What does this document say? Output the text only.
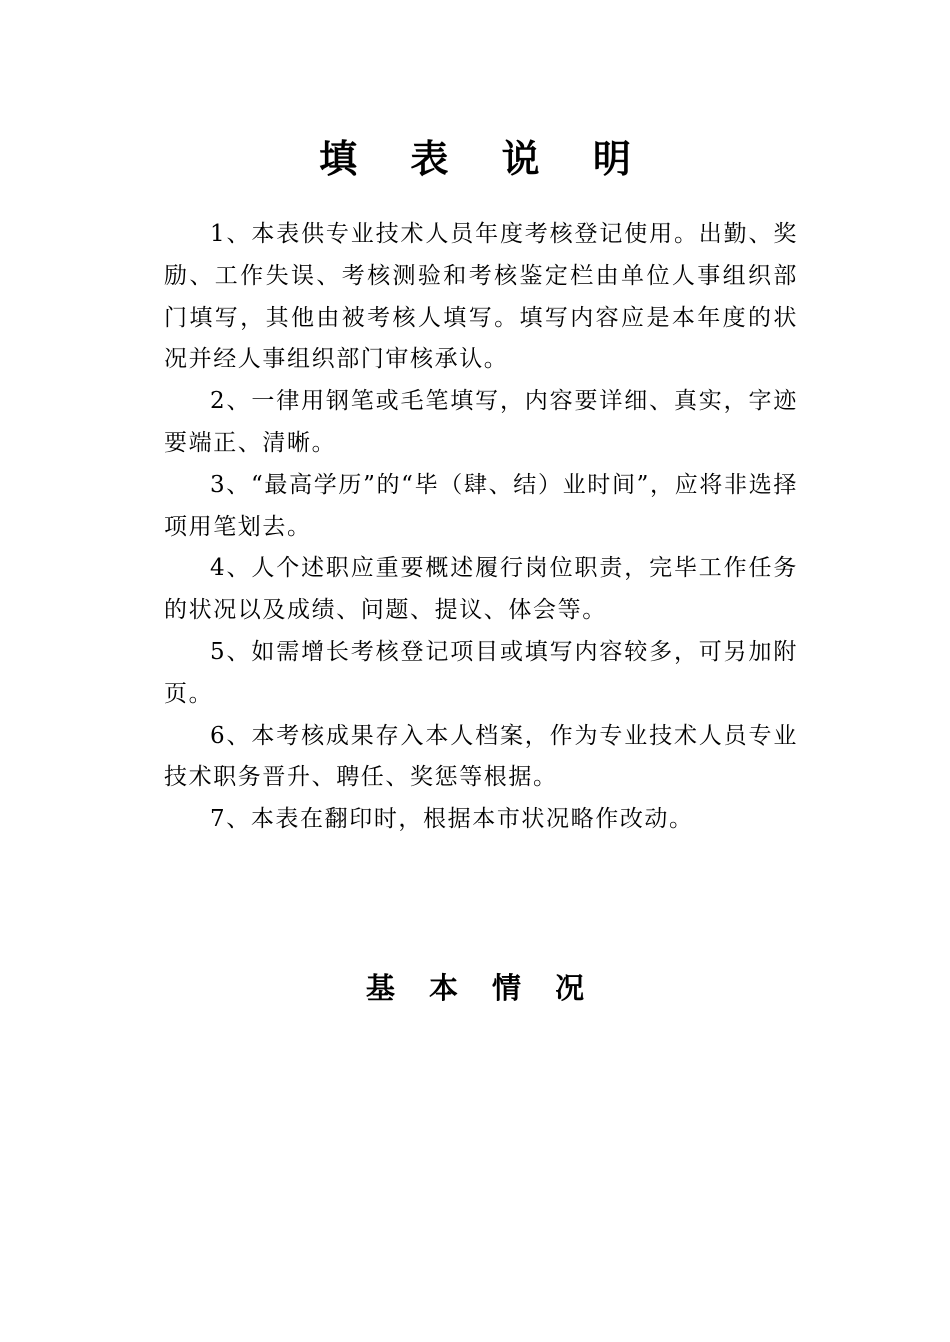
填 表 说 明
1、本表供专业技术人员年度考核登记使用。出勤、奖励、工作失误、考核测验和考核鉴定栏由单位人事组织部门填写，其他由被考核人填写。填写内容应是本年度的状况并经人事组织部门审核承认。
2、一律用钢笔或毛笔填写，内容要详细、真实，字迹要端正、清晰。
3、“最高学历”的“毕（肆、结）业时间”，应将非选择项用笔划去。
4、人个述职应重要概述履行岗位职责，完毕工作任务的状况以及成绩、问题、提议、体会等。
5、如需增长考核登记项目或填写内容较多，可另加附页。
6、本考核成果存入本人档案，作为专业技术人员专业技术职务晋升、聘任、奖惩等根据。
7、本表在翻印时，根据本市状况略作改动。
基 本 情 况
